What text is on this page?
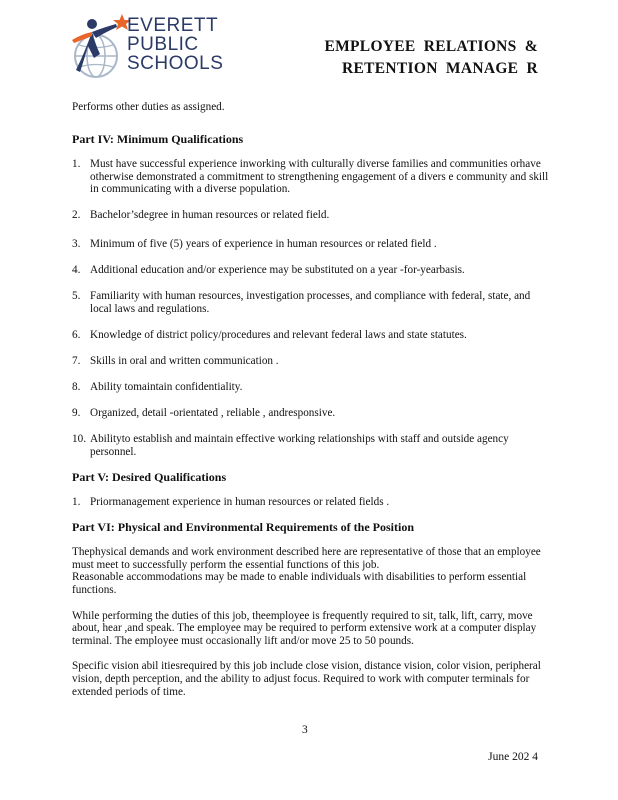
EVERETT
PUBLIC
SCHOOLS
EMPLOYEE RELATIONS &
RETENTION MANAGE R

Performs other duties as assigned.

Part IV: Minimum Qualifications

1. Must have successful experience inworking with culturally diverse families and communities orhave otherwise demonstrated a commitment to strengthening engagement of a divers e community and skill in communicating with a diverse population.
2. Bachelor’sdegree in human resources or related field.
3. Minimum of five (5) years of experience in human resources or related field .
4. Additional education and/or experience may be substituted on a year -for-yearbasis.
5. Familiarity with human resources, investigation processes, and compliance with federal, state, and local laws and regulations.
6. Knowledge of district policy/procedures and relevant federal laws and state statutes.
7. Skills in oral and written communication .
8. Ability tomaintain confidentiality.
9. Organized, detail -orientated , reliable , andresponsive.
10. Abilityto establish and maintain effective working relationships with staff and outside agency personnel.

Part V: Desired Qualifications

1. Priormanagement experience in human resources or related fields .

Part VI: Physical and Environmental Requirements of the Position

Thephysical demands and work environment described here are representative of those that an employee must meet to successfully perform the essential functions of this job.

Reasonable accommodations may be made to enable individuals with disabilities to perform essential functions.

While performing the duties of this job, theemployee is frequently required to sit, talk, lift, carry, move about, hear ,and speak. The employee may be required to perform extensive work at a computer display terminal. The employee must occasionally lift and/or move 25 to 50 pounds.

Specific vision abil itiesrequired by this job include close vision, distance vision, color vision, peripheral vision, depth perception, and the ability to adjust focus. Required to work with computer terminals for extended periods of time.

3
June 202 4
